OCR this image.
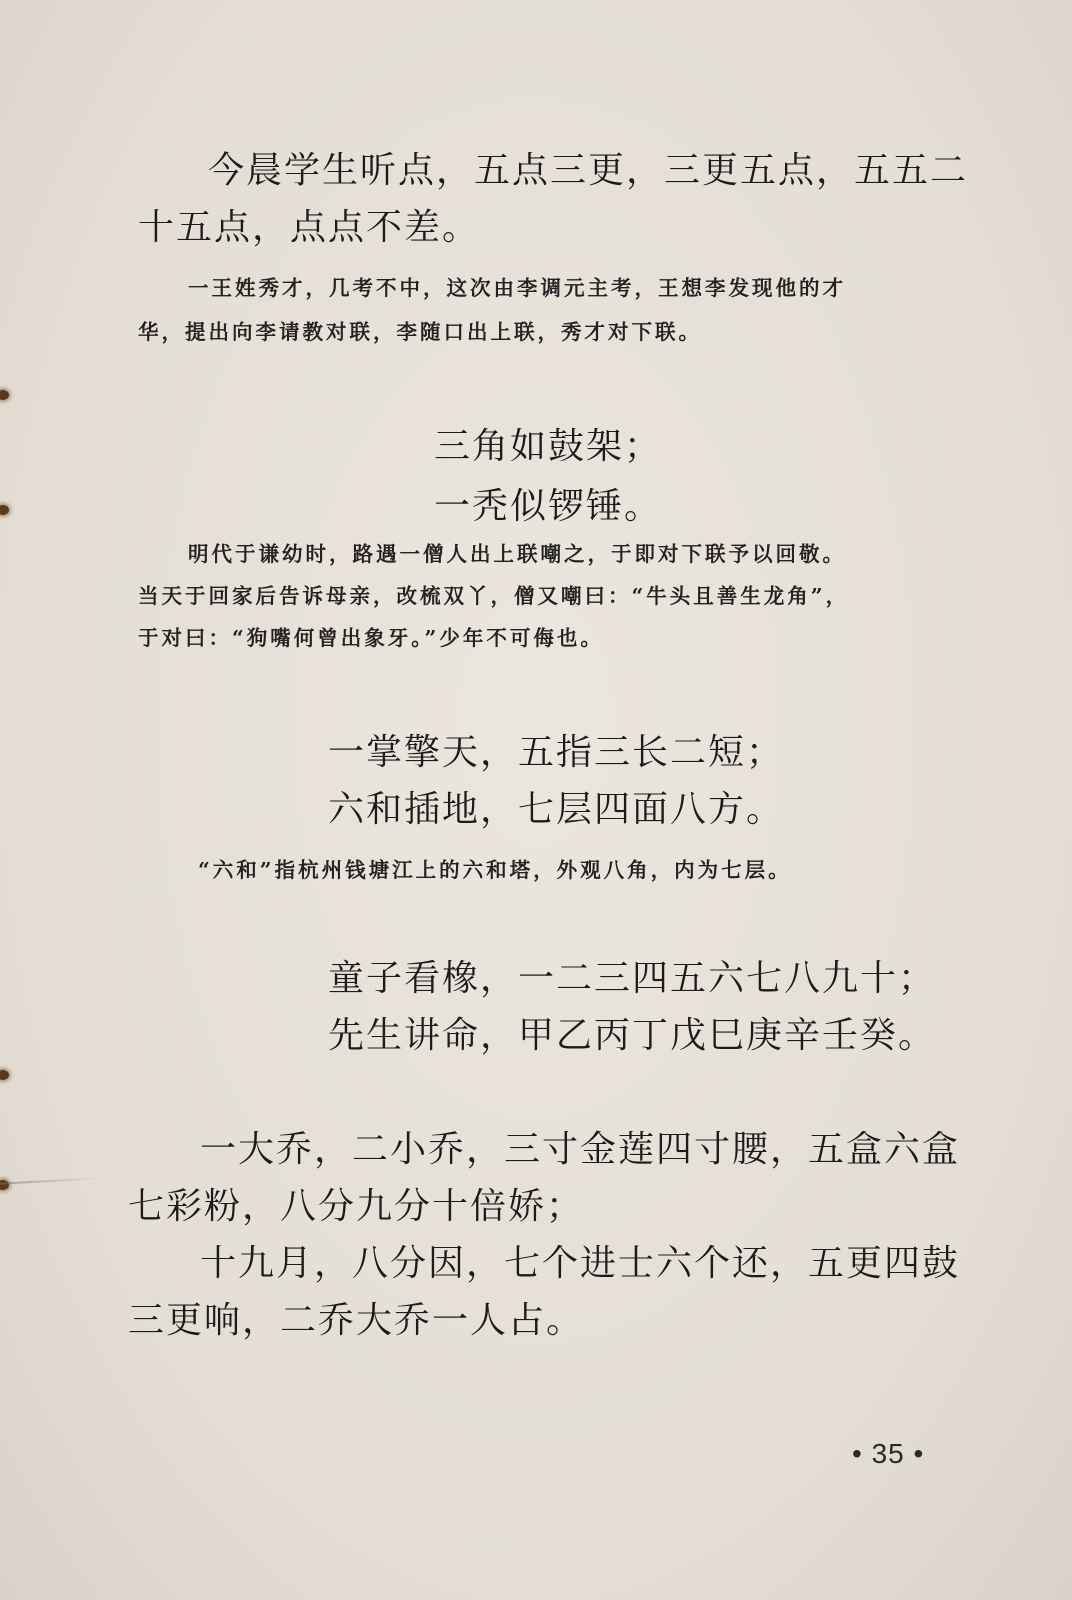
今晨学生听点，五点三更，三更五点，五五二
十五点，点点不差。
一王姓秀才，几考不中，这次由李调元主考，王想李发现他的才
华，提出向李请教对联，李随口出上联，秀才对下联。
三角如鼓架；
一秃似锣锤。
明代于谦幼时，路遇一僧人出上联嘲之，于即对下联予以回敬。
当天于回家后告诉母亲，改梳双丫，僧又嘲曰：“牛头且善生龙角”，
于对曰：“狗嘴何曾出象牙。”少年不可侮也。
一掌擎天，五指三长二短；
六和插地，七层四面八方。
“六和”指杭州钱塘江上的六和塔，外观八角，内为七层。
童子看橡，一二三四五六七八九十；
先生讲命，甲乙丙丁戊巳庚辛壬癸。
一大乔，二小乔，三寸金莲四寸腰，五盒六盒
七彩粉，八分九分十倍娇；
十九月，八分因，七个进士六个还，五更四鼓
三更响，二乔大乔一人占。
• 35 •
